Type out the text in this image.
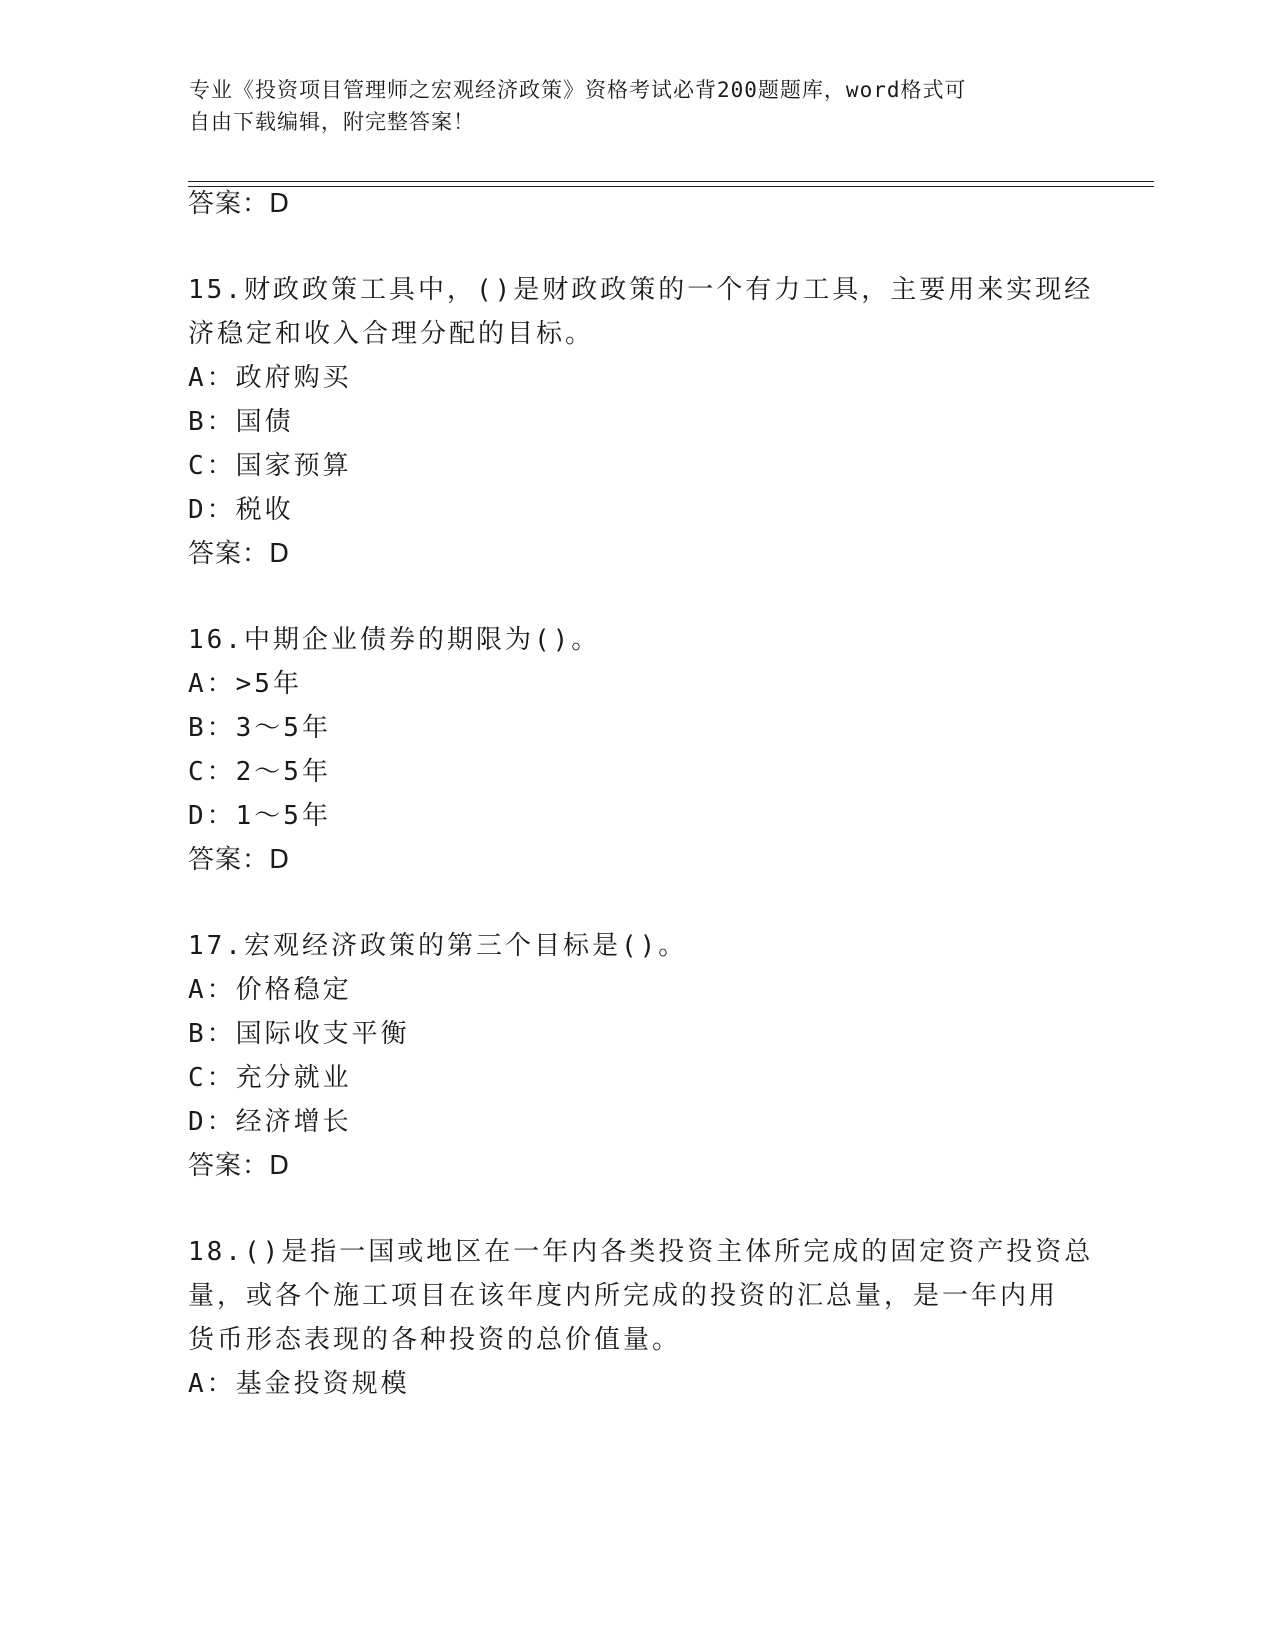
专业《投资项目管理师之宏观经济政策》资格考试必背200题题库，word格式可
自由下载编辑，附完整答案！
答案：D
15.财政政策工具中，()是财政政策的一个有力工具，主要用来实现经
济稳定和收入合理分配的目标。
A：政府购买
B：国债
C：国家预算
D：税收
答案：D
16.中期企业债券的期限为()。
A：>5年
B：3～5年
C：2～5年
D：1～5年
答案：D
17.宏观经济政策的第三个目标是()。
A：价格稳定
B：国际收支平衡
C：充分就业
D：经济增长
答案：D
18.()是指一国或地区在一年内各类投资主体所完成的固定资产投资总
量，或各个施工项目在该年度内所完成的投资的汇总量，是一年内用
货币形态表现的各种投资的总价值量。
A：基金投资规模
